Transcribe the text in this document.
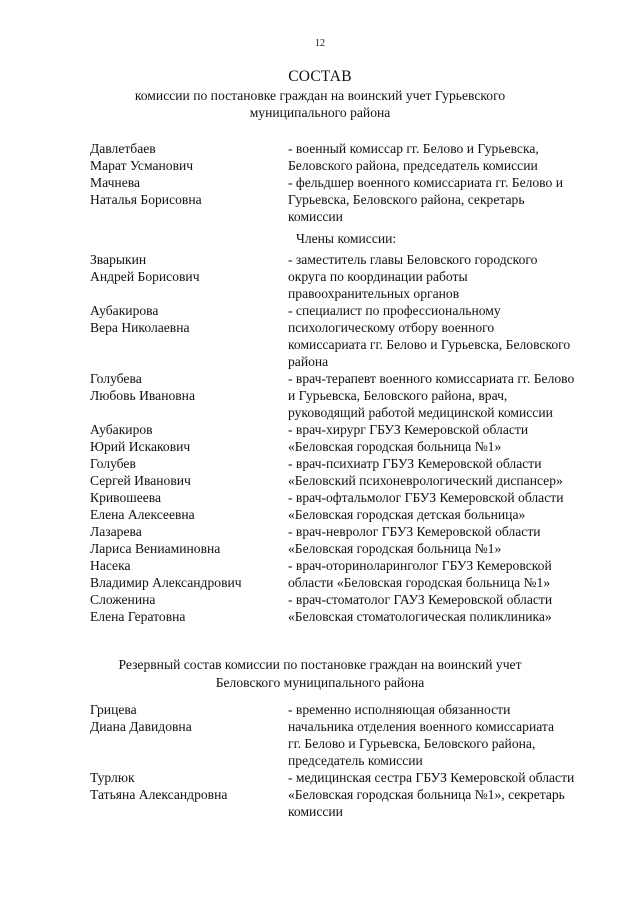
12
СОСТАВ
комиссии по постановке граждан на воинский учет Гурьевского
муниципального района
Давлетбаев
Марат Усманович
- военный комиссар гг. Белово и Гурьевска,
Беловского района, председатель комиссии
Мачнева
Наталья Борисовна
- фельдшер военного комиссариата гг. Белово и
Гурьевска, Беловского района, секретарь
комиссии
Члены комиссии:
Зварыкин
Андрей Борисович
- заместитель главы Беловского городского
округа по координации работы
правоохранительных органов
Аубакирова
Вера Николаевна
- специалист по профессиональному
психологическому отбору военного
комиссариата гг. Белово и Гурьевска, Беловского
района
Голубева
Любовь Ивановна
- врач-терапевт военного комиссариата гг. Белово
и Гурьевска, Беловского района, врач,
руководящий работой медицинской комиссии
Аубакиров
Юрий Искакович
- врач-хирург ГБУЗ Кемеровской области
«Беловская городская больница №1»
Голубев
Сергей Иванович
- врач-психиатр ГБУЗ Кемеровской области
«Беловский психоневрологический диспансер»
Кривошеева
Елена Алексеевна
- врач-офтальмолог ГБУЗ Кемеровской области
«Беловская городская детская больница»
Лазарева
Лариса Вениаминовна
- врач-невролог ГБУЗ Кемеровской области
«Беловская городская больница №1»
Насека
Владимир Александрович
- врач-оториноларинголог ГБУЗ Кемеровской
области «Беловская городская больница №1»
Сложенина
Елена Гератовна
- врач-стоматолог ГАУЗ Кемеровской области
«Беловская стоматологическая поликлиника»
Резервный состав комиссии по постановке граждан на воинский учет
Беловского муниципального района
Грицева
Диана Давидовна
- временно исполняющая обязанности
начальника отделения военного комиссариата
гг. Белово и Гурьевска, Беловского района,
председатель комиссии
Турлюк
Татьяна Александровна
- медицинская сестра ГБУЗ Кемеровской области
«Беловская городская больница №1», секретарь
комиссии
